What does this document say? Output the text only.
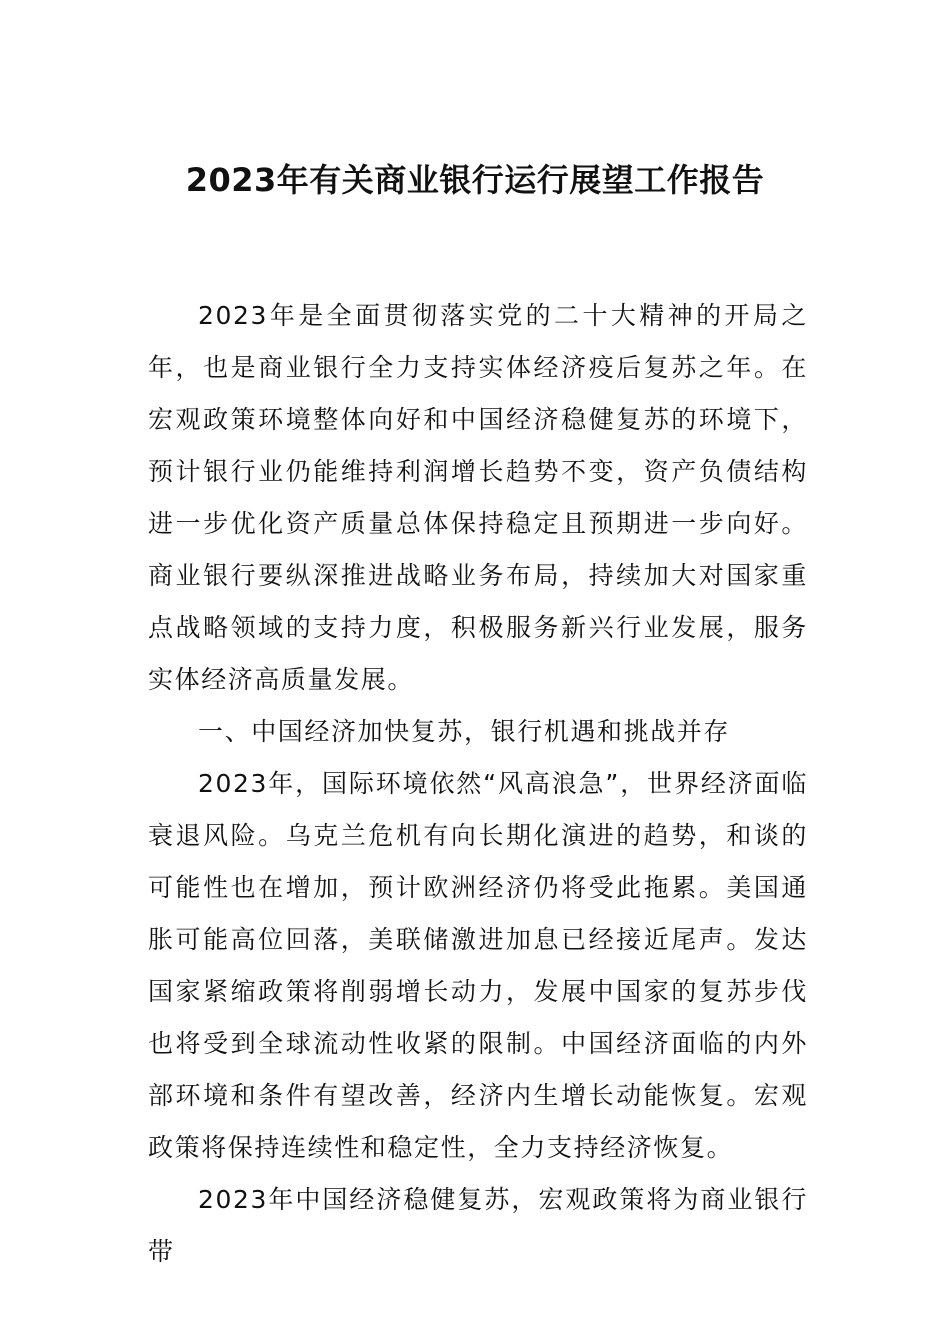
2023年有关商业银行运行展望工作报告

2023年是全面贯彻落实党的二十大精神的开局之年，也是商业银行全力支持实体经济疫后复苏之年。在宏观政策环境整体向好和中国经济稳健复苏的环境下，预计银行业仍能维持利润增长趋势不变，资产负债结构进一步优化资产质量总体保持稳定且预期进一步向好。商业银行要纵深推进战略业务布局，持续加大对国家重点战略领域的支持力度，积极服务新兴行业发展，服务实体经济高质量发展。

一、中国经济加快复苏，银行机遇和挑战并存

2023年，国际环境依然“风高浪急”，世界经济面临衰退风险。乌克兰危机有向长期化演进的趋势，和谈的可能性也在增加，预计欧洲经济仍将受此拖累。美国通胀可能高位回落，美联储激进加息已经接近尾声。发达国家紧缩政策将削弱增长动力，发展中国家的复苏步伐也将受到全球流动性收紧的限制。中国经济面临的内外部环境和条件有望改善，经济内生增长动能恢复。宏观政策将保持连续性和稳定性，全力支持经济恢复。

2023年中国经济稳健复苏，宏观政策将为商业银行带
